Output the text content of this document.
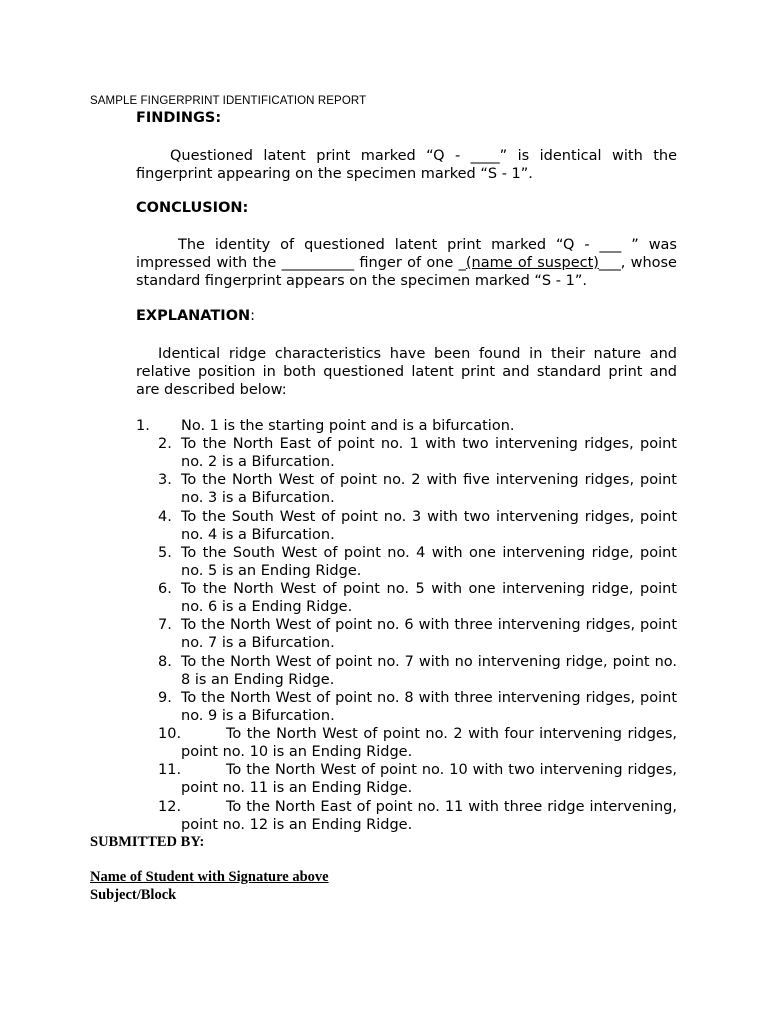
SAMPLE FINGERPRINT IDENTIFICATION REPORT
FINDINGS:
Questioned latent print marked “Q - ____” is identical with the fingerprint appearing on the specimen marked “S - 1”.
CONCLUSION:
The identity of questioned latent print marked “Q - ___ ” was impressed with the __________ finger of one _(name of suspect)___, whose standard fingerprint appears on the specimen marked “S - 1”.
EXPLANATION:
Identical ridge characteristics have been found in their nature and relative position in both questioned latent print and standard print and are described below:
1. No. 1 is the starting point and is a bifurcation.
2. To the North East of point no. 1 with two intervening ridges, point no. 2 is a Bifurcation.
3. To the North West of point no. 2 with five intervening ridges, point no. 3 is a Bifurcation.
4. To the South West of point no. 3 with two intervening ridges, point no. 4 is a Bifurcation.
5. To the South West of point no. 4 with one intervening ridge, point no. 5 is an Ending Ridge.
6. To the North West of point no. 5 with one intervening ridge, point no. 6 is a Ending Ridge.
7. To the North West of point no. 6 with three intervening ridges, point no. 7 is a Bifurcation.
8. To the North West of point no. 7 with no intervening ridge, point no. 8 is an Ending Ridge.
9. To the North West of point no. 8 with three intervening ridges, point no. 9 is a Bifurcation.
10.	To the North West of point no. 2 with four intervening ridges, point no. 10 is an Ending Ridge.
11.	To the North West of point no. 10 with two intervening ridges, point no. 11 is an Ending Ridge.
12.	To the North East of point no. 11 with three ridge intervening, point no. 12 is an Ending Ridge.
SUBMITTED BY:
Name of Student with Signature above
Subject/Block
